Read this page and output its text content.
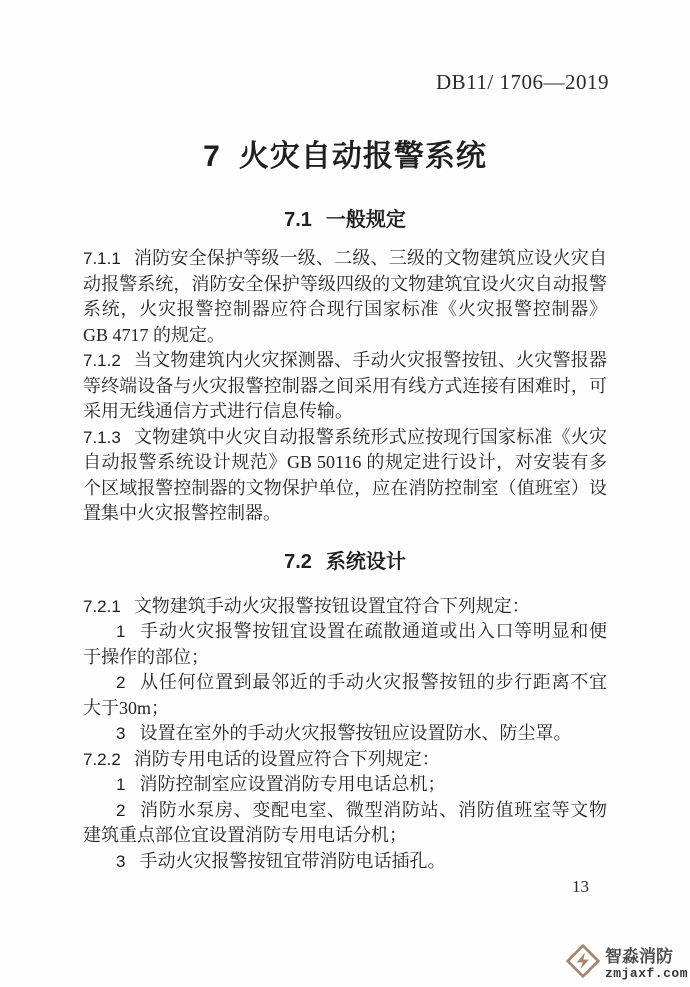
DB11/ 1706—2019
7 火灾自动报警系统
7.1 一般规定

7.1.1 消防安全保护等级一级、二级、三级的文物建筑应设火灾自动报警系统，消防安全保护等级四级的文物建筑宜设火灾自动报警系统，火灾报警控制器应符合现行国家标准《火灾报警控制器》GB 4717 的规定。

7.1.2 当文物建筑内火灾探测器、手动火灾报警按钮、火灾警报器等终端设备与火灾报警控制器之间采用有线方式连接有困难时，可采用无线通信方式进行信息传输。

7.1.3 文物建筑中火灾自动报警系统形式应按现行国家标准《火灾自动报警系统设计规范》GB 50116 的规定进行设计，对安装有多个区域报警控制器的文物保护单位，应在消防控制室（值班室）设置集中火灾报警控制器。

7.2 系统设计

7.2.1 文物建筑手动火灾报警按钮设置宜符合下列规定：

1 手动火灾报警按钮宜设置在疏散通道或出入口等明显和便于操作的部位；

2 从任何位置到最邻近的手动火灾报警按钮的步行距离不宜大于30m；

3 设置在室外的手动火灾报警按钮应设置防水、防尘罩。

7.2.2 消防专用电话的设置应符合下列规定：

1 消防控制室应设置消防专用电话总机；

2 消防水泵房、变配电室、微型消防站、消防值班室等文物建筑重点部位宜设置消防专用电话分机；

3 手动火灾报警按钮宜带消防电话插孔。

13
智淼消防
zmjaxf.com
